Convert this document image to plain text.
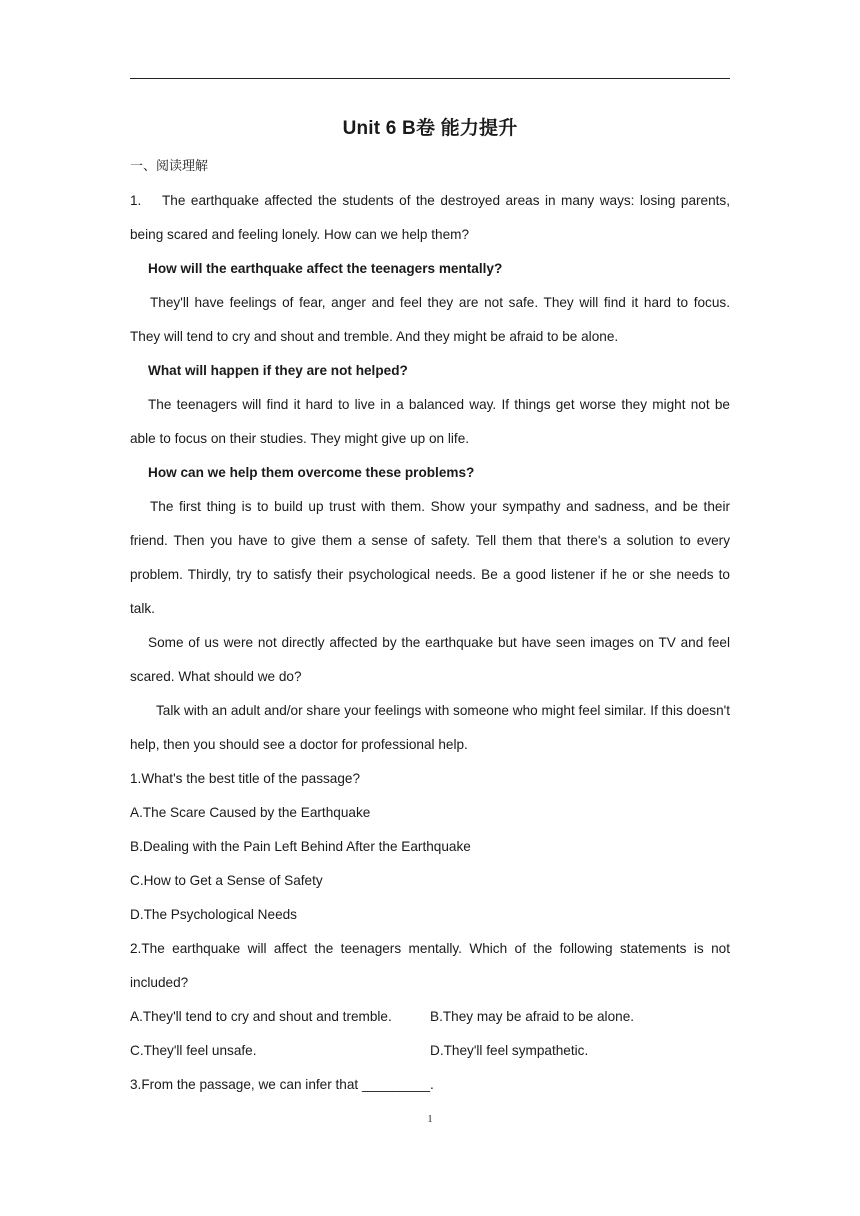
Unit 6 B卷 能力提升
一、阅读理解
1. The earthquake affected the students of the destroyed areas in many ways: losing parents, being scared and feeling lonely. How can we help them?
How will the earthquake affect the teenagers mentally?
They'll have feelings of fear, anger and feel they are not safe. They will find it hard to focus. They will tend to cry and shout and tremble. And they might be afraid to be alone.
What will happen if they are not helped?
The teenagers will find it hard to live in a balanced way. If things get worse they might not be able to focus on their studies. They might give up on life.
How can we help them overcome these problems?
The first thing is to build up trust with them. Show your sympathy and sadness, and be their friend. Then you have to give them a sense of safety. Tell them that there's a solution to every problem. Thirdly, try to satisfy their psychological needs. Be a good listener if he or she needs to talk.
Some of us were not directly affected by the earthquake but have seen images on TV and feel scared. What should we do?
Talk with an adult and/or share your feelings with someone who might feel similar. If this doesn't help, then you should see a doctor for professional help.
1.What's the best title of the passage?
A.The Scare Caused by the Earthquake
B.Dealing with the Pain Left Behind After the Earthquake
C.How to Get a Sense of Safety
D.The Psychological Needs
2.The earthquake will affect the teenagers mentally. Which of the following statements is not included?
A.They'll tend to cry and shout and tremble.	B.They may be afraid to be alone.
C.They'll feel unsafe.	D.They'll feel sympathetic.
3.From the passage, we can infer that _________.
1
